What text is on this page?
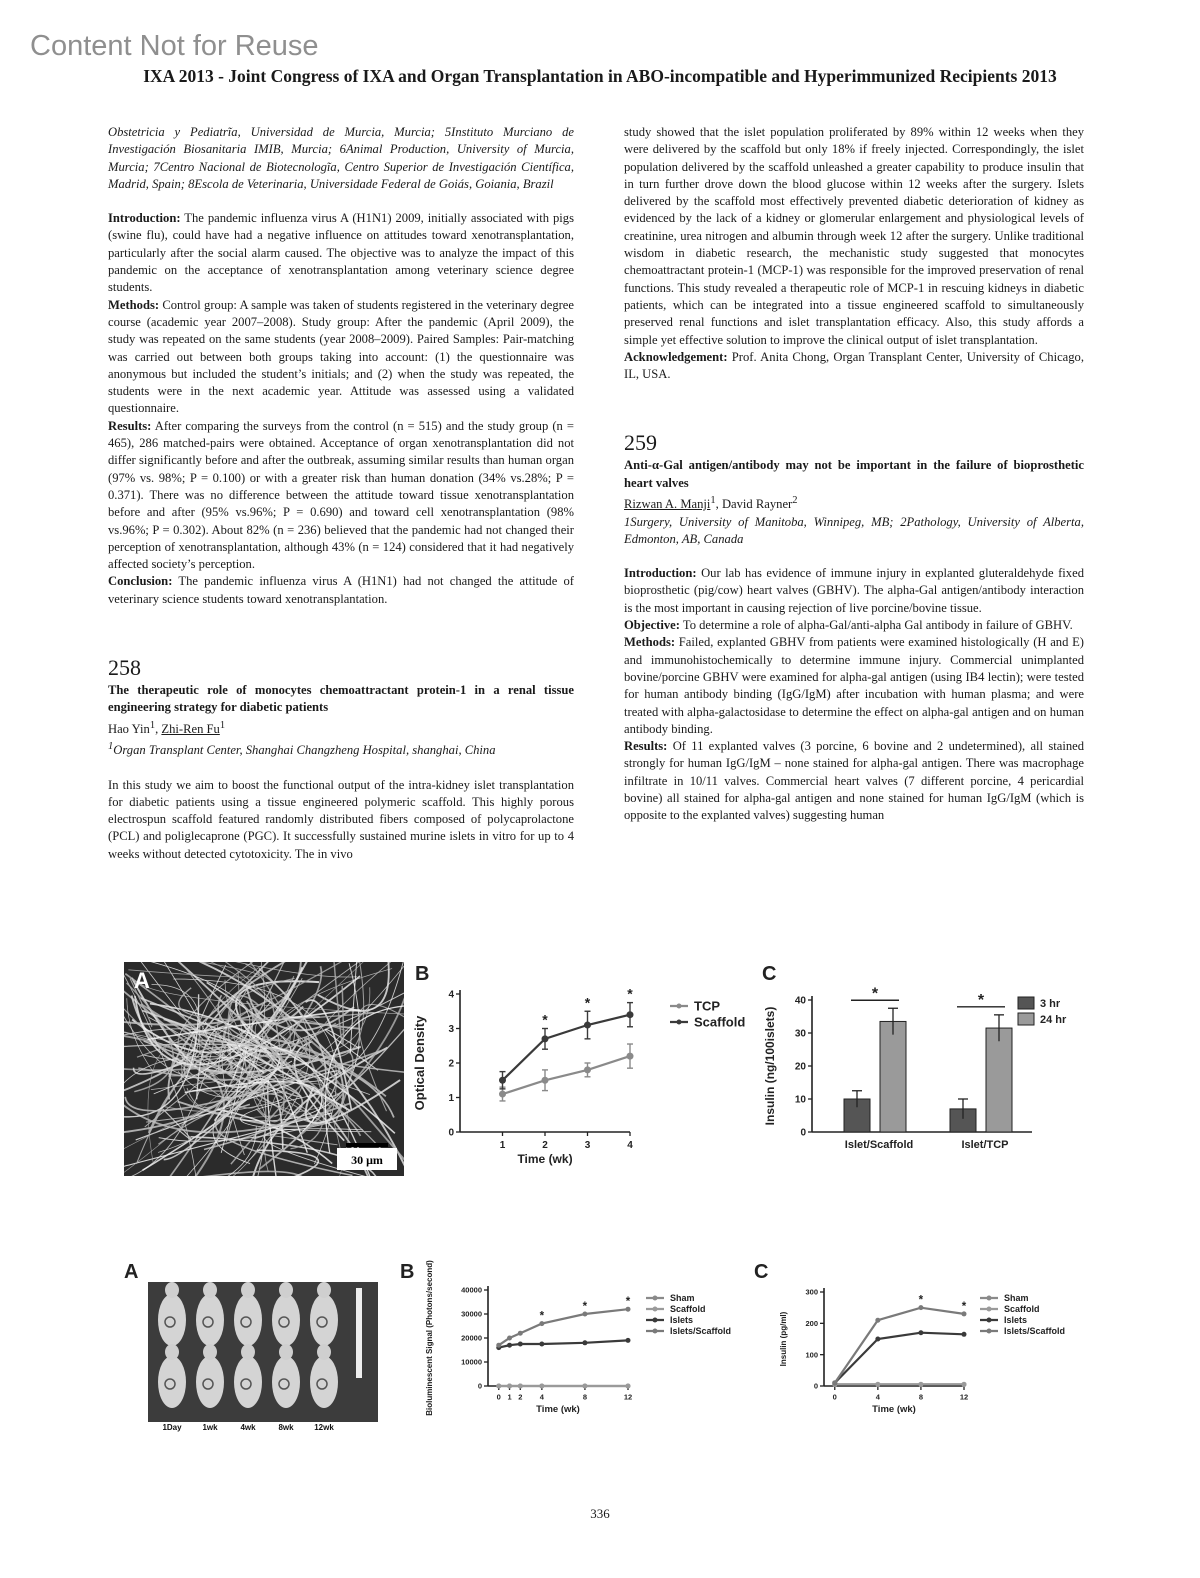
Content Not for Reuse
IXA 2013 - Joint Congress of IXA and Organ Transplantation in ABO-incompatible and Hyperimmunized Recipients 2013

Obstetricia y Pediatrĩa, Universidad de Murcia, Murcia; 5Instituto Murciano de Investigación Biosanitaria IMIB, Murcia; 6Animal Production, University of Murcia, Murcia; 7Centro Nacional de Biotecnologĩa, Centro Superior de Investigación Científica, Madrid, Spain; 8Escola de Veterinaria, Universidade Federal de Goiás, Goiania, Brazil

Introduction: The pandemic influenza virus A (H1N1) 2009, initially associated with pigs (swine flu), could have had a negative influence on attitudes toward xenotransplantation, particularly after the social alarm caused. The objective was to analyze the impact of this pandemic on the acceptance of xenotransplantation among veterinary science degree students.

Methods: Control group: A sample was taken of students registered in the veterinary degree course (academic year 2007–2008). Study group: After the pandemic (April 2009), the study was repeated on the same students (year 2008–2009). Paired Samples: Pair-matching was carried out between both groups taking into account: (1) the questionnaire was anonymous but included the student’s initials; and (2) when the study was repeated, the students were in the next academic year. Attitude was assessed using a validated questionnaire.

Results: After comparing the surveys from the control (n = 515) and the study group (n = 465), 286 matched-pairs were obtained. Acceptance of organ xenotransplantation did not differ significantly before and after the outbreak, assuming similar results than human organ (97% vs. 98%; P = 0.100) or with a greater risk than human donation (34% vs.28%; P = 0.371). There was no difference between the attitude toward tissue xenotransplantation before and after (95% vs.96%; P = 0.690) and toward cell xenotransplantation (98% vs.96%; P = 0.302). About 82% (n = 236) believed that the pandemic had not changed their perception of xenotransplantation, although 43% (n = 124) considered that it had negatively affected society’s perception.

Conclusion: The pandemic influenza virus A (H1N1) had not changed the attitude of veterinary science students toward xenotransplantation.

258

The therapeutic role of monocytes chemoattractant protein-1 in a renal tissue engineering strategy for diabetic patients

Hao Yin$^1$, Zhi-Ren Fu$^1$

$^1$Organ Transplant Center, Shanghai Changzheng Hospital, shanghai, China

In this study we aim to boost the functional output of the intra-kidney islet transplantation for diabetic patients using a tissue engineered polymeric scaffold. This highly porous electrospun scaffold featured randomly distributed fibers composed of polycaprolactone (PCL) and poliglecaprone (PGC). It successfully sustained murine islets in vitro for up to 4 weeks without detected cytotoxicity. The in vivo

study showed that the islet population proliferated by 89% within 12 weeks when they were delivered by the scaffold but only 18% if freely injected. Correspondingly, the islet population delivered by the scaffold unleashed a greater capability to produce insulin that in turn further drove down the blood glucose within 12 weeks after the surgery. Islets delivered by the scaffold most effectively prevented diabetic deterioration of kidney as evidenced by the lack of a kidney or glomerular enlargement and physiological levels of creatinine, urea nitrogen and albumin through week 12 after the surgery. Unlike traditional wisdom in diabetic research, the mechanistic study suggested that monocytes chemoattractant protein-1 (MCP-1) was responsible for the improved preservation of renal functions. This study revealed a therapeutic role of MCP-1 in rescuing kidneys in diabetic patients, which can be integrated into a tissue engineered scaffold to simultaneously preserved renal functions and islet transplantation efficacy. Also, this study affords a simple yet effective solution to improve the clinical output of islet transplantation.

Acknowledgement: Prof. Anita Chong, Organ Transplant Center, University of Chicago, IL, USA.

259

Anti-α-Gal antigen/antibody may not be important in the failure of bioprosthetic heart valves

Rizwan A. Manji$^1$, David Rayner$^2$

1Surgery, University of Manitoba, Winnipeg, MB; 2Pathology, University of Alberta, Edmonton, AB, Canada

Introduction: Our lab has evidence of immune injury in explanted gluteraldehyde fixed bioprosthetic (pig/cow) heart valves (GBHV). The alpha-Gal antigen/antibody interaction is the most important in causing rejection of live porcine/bovine tissue.

Objective: To determine a role of alpha-Gal/anti-alpha Gal antibody in failure of GBHV.

Methods: Failed, explanted GBHV from patients were examined histologically (H and E) and immunohistochemically to determine immune injury. Commercial unimplanted bovine/porcine GBHV were examined for alpha-gal antigen (using IB4 lectin); were tested for human antibody binding (IgG/IgM) after incubation with human plasma; and were treated with alpha-galactosidase to determine the effect on alpha-gal antigen and on human antibody binding.

Results: Of 11 explanted valves (3 porcine, 6 bovine and 2 undetermined), all stained strongly for human IgG/IgM – none stained for alpha-gal antigen. There was macrophage infiltrate in 10/11 valves. Commercial heart valves (7 different porcine, 4 pericardial bovine) all stained for alpha-gal antigen and none stained for human IgG/IgM (which is opposite to the explanted valves) suggesting human

A
30 μm
B
0
1
2
3
4
1	2	3	4
Time (wk)
Optical Density	*
*
*
TCP
Scaffold
C
0
10
20
30
40
Insulin (ng/100islets)
*
Islet/Scaffold
*
Islet/TCP
3 hr
24 hr
A
1Day	1wk	4wk	8wk	12wk
B
0
10000
20000
30000
40000
0 1 2 4	8	12
Time (wk)
Bioluminescent Signal (Photons/second)	*
*	*	Sham
Scaffold
Islets
Islets/Scaffold
C
0
100
200
300
0	4	8	12
Time (wk)
Insulin (pg/ml)
*
*
Sham
Scaffold
Islets
Islets/Scaffold
336
